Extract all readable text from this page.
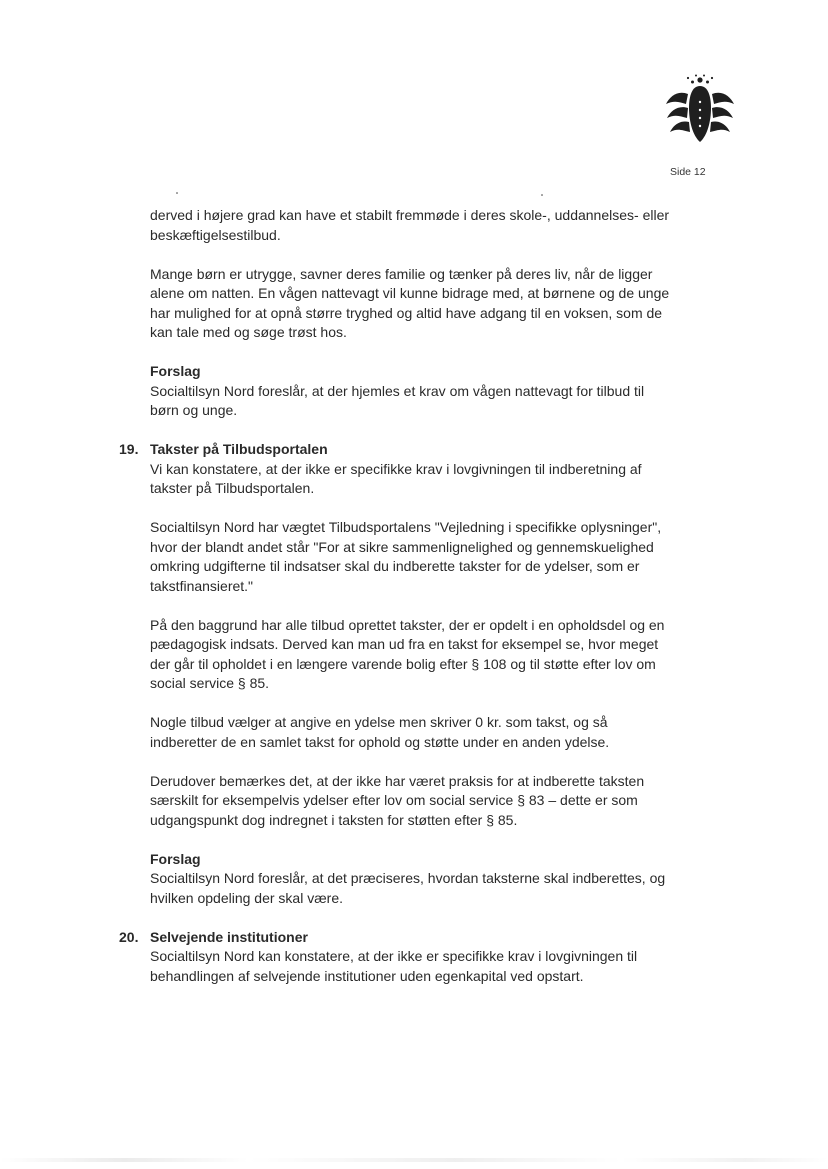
Side 12

derved i højere grad kan have et stabilt fremmøde i deres skole-, uddannelses- eller beskæftigelsestilbud.

Mange børn er utrygge, savner deres familie og tænker på deres liv, når de ligger alene om natten. En vågen nattevagt vil kunne bidrage med, at børnene og de unge har mulighed for at opnå større tryghed og altid have adgang til en voksen, som de kan tale med og søge trøst hos.

Forslag

Socialtilsyn Nord foreslår, at der hjemles et krav om vågen nattevagt for tilbud til børn og unge.

19. Takster på Tilbudsportalen

Vi kan konstatere, at der ikke er specifikke krav i lovgivningen til indberetning af takster på Tilbudsportalen.

Socialtilsyn Nord har vægtet Tilbudsportalens "Vejledning i specifikke oplysninger", hvor der blandt andet står "For at sikre sammenlignelighed og gennemskuelighed omkring udgifterne til indsatser skal du indberette takster for de ydelser, som er takstfinansieret."

På den baggrund har alle tilbud oprettet takster, der er opdelt i en opholdsdel og en pædagogisk indsats. Derved kan man ud fra en takst for eksempel se, hvor meget der går til opholdet i en længere varende bolig efter § 108 og til støtte efter lov om social service § 85.

Nogle tilbud vælger at angive en ydelse men skriver 0 kr. som takst, og så indberetter de en samlet takst for ophold og støtte under en anden ydelse.

Derudover bemærkes det, at der ikke har været praksis for at indberette taksten særskilt for eksempelvis ydelser efter lov om social service § 83 – dette er som udgangspunkt dog indregnet i taksten for støtten efter § 85.

Forslag

Socialtilsyn Nord foreslår, at det præciseres, hvordan taksterne skal indberettes, og hvilken opdeling der skal være.

20. Selvejende institutioner

Socialtilsyn Nord kan konstatere, at der ikke er specifikke krav i lovgivningen til behandlingen af selvejende institutioner uden egenkapital ved opstart.
